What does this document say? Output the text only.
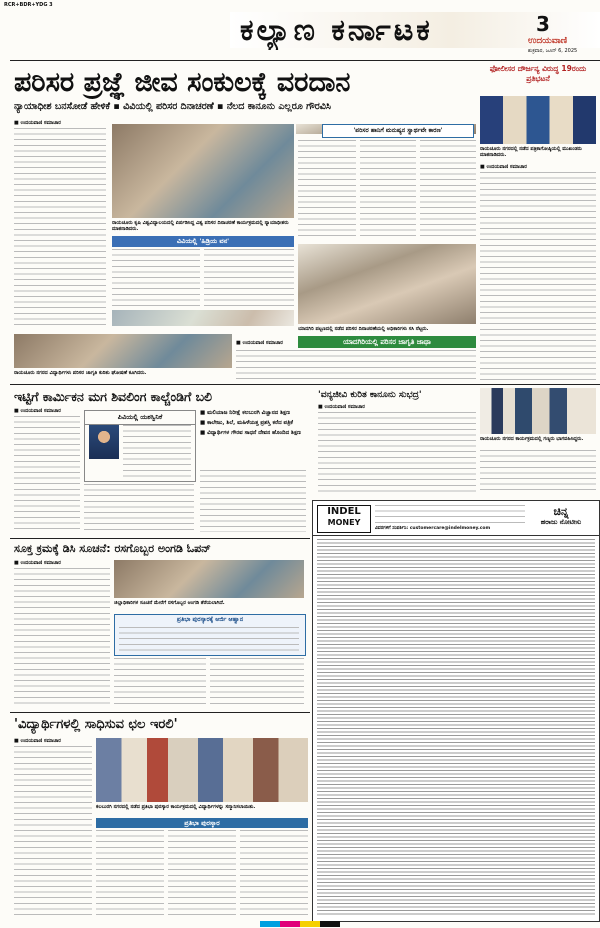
RCR+BDR+YDG 3
ಕಲ್ಯಾಣ ಕರ್ನಾಟಕ	3
ಉದಯವಾಣಿ
ಶುಕ್ರವಾರ, ಜೂನ್ 6, 2025
ಪರಿಸರ ಪ್ರಜ್ಞೆ ಜೀವ ಸಂಕುಲಕ್ಕೆ ವರದಾನ	ಫೋಲೀಸರ ದೌರ್ಜನ್ಯ ವಿರುದ್ಧ 19ರಂದು ಪ್ರತಿಭಟನೆ
ನ್ಯಾಯಾಧೀಶ ಬನಸೋಡೆ ಹೇಳಿಕೆ ▪ ವಿವಿಯಲ್ಲಿ ಪರಿಸರ ದಿನಾಚರಣೆ ▪ ನೆಲದ ಕಾನೂನು ಎಲ್ಲರೂ ಗೌರವಿಸಿ
■ ಉದಯವಾಣಿ ಸಮಾಚಾರ
'ಪರಿಸರ ಹಾನಿಗೆ ಮನುಷ್ಯನ ಸ್ವಾರ್ಥವೇ ಕಾರಣ'
ರಾಯಚೂರು ಕೃಷಿ ವಿಶ್ವವಿದ್ಯಾಲಯದಲ್ಲಿ ಏರ್ಪಡಿಸಿದ್ದ ವಿಶ್ವ ಪರಿಸರ ದಿನಾಚರಣೆ ಕಾರ್ಯಕ್ರಮದಲ್ಲಿ ನ್ಯಾಯಾಧೀಶರು ಮಾತನಾಡಿದರು.
ವಿವಿಯಲ್ಲಿ 'ಹಿಡ್ರಿಯ ವನ'
ಯಾದಗಿರಿ ಪಟ್ಟಣದಲ್ಲಿ ನಡೆದ ಪರಿಸರ ದಿನಾಚರಣೆಯಲ್ಲಿ ಅಧಿಕಾರಿಗಳು ಸಸಿ ನೆಟ್ಟರು.
ಯಾದಗಿರಿಯಲ್ಲಿ ಪರಿಸರ ಜಾಗೃತಿ ಜಾಥಾ
ರಾಯಚೂರು ನಗರದ ವಿದ್ಯಾರ್ಥಿಗಳು ಪರಿಸರ ಜಾಗೃತಿ ಕುರಿತು ಘೋಷಣೆ ಕೂಗಿದರು.
■ ಉದಯವಾಣಿ ಸಮಾಚಾರ
ರಾಯಚೂರು ನಗರದಲ್ಲಿ ನಡೆದ ಪತ್ರಿಕಾಗೋಷ್ಠಿಯಲ್ಲಿ ಮುಖಂಡರು ಮಾತನಾಡಿದರು.
■ ಉದಯವಾಣಿ ಸಮಾಚಾರ
ಇಟ್ಟಿಗೆ ಕಾರ್ಮಿಕನ ಮಗ ಶಿವಲಿಂಗ ಕಾಲ್ಚೆಂಡಿಗೆ ಬಲಿ
■ ಉದಯವಾಣಿ ಸಮಾಚಾರ
ಪಿವಿಯಲ್ಲಿ ಯಶಸ್ವಿನಿಕೆ	■ ಮಲಿಯಾಜ ನಿರೀಕ್ಷೆ ಕಲಬುರಗಿ ವಿಜ್ಞಾನದ ಶಿಕ್ಷಣ
■ ಕಾಲೇಜು, ಶಿಲೆ, ಮಹಿಳೆಯತ್ತ ಪ್ರಶಸ್ತಿ ಕರೆದ ಪತ್ರಿಕೆ
■ ವಿದ್ಯಾರ್ಥಿಗಳ ಗೌರವ ಸಾಧನೆ ದೇವನ ಹೊಂದಿದ ಶಿಕ್ಷಣ
'ವನ್ಯಜೀವಿ ಕುರಿತ ಕಾನೂನು ಸುಭದ್ರ'
■ ಉದಯವಾಣಿ ಸಮಾಚಾರ
ರಾಯಚೂರು ನಗರದ ಕಾರ್ಯಕ್ರಮದಲ್ಲಿ ಗಣ್ಯರು ಭಾಗವಹಿಸಿದ್ದರು.
ಸೂಕ್ತ ಕ್ರಮಕ್ಕೆ ಡಿಸಿ ಸೂಚನೆ: ರಸಗೊಬ್ಬರ ಅಂಗಡಿ ಓಪನ್
■ ಉದಯವಾಣಿ ಸಮಾಚಾರ
ಜಿಲ್ಲಾಧಿಕಾರಿಗಳ ಸೂಚನೆ ಮೇರೆಗೆ ರಸಗೊಬ್ಬರ ಅಂಗಡಿ ತೆರೆಯಲಾಗಿದೆ.
ಪ್ರತಿಭಾ ಪುರಸ್ಕಾರಕ್ಕೆ ಅರ್ಜಿ ಆಹ್ವಾನ
INDEL
MONEY
ವಿವರಗಳಿಗೆ ಸಂಪರ್ಕಿಸಿ: customercare@indelmoney.com
ಚಿನ್ನ
ಹರಾಜು ನೋಟೀಸು
'ವಿದ್ಯಾರ್ಥಿಗಳಲ್ಲಿ ಸಾಧಿಸುವ ಛಲ ಇರಲಿ'
■ ಉದಯವಾಣಿ ಸಮಾಚಾರ
ಕಲಬುರಗಿ ನಗರದಲ್ಲಿ ನಡೆದ ಪ್ರತಿಭಾ ಪುರಸ್ಕಾರ ಕಾರ್ಯಕ್ರಮದಲ್ಲಿ ವಿದ್ಯಾರ್ಥಿಗಳನ್ನು ಸನ್ಮಾನಿಸಲಾಯಿತು.
ಪ್ರತಿಭಾ ಪುರಸ್ಕಾರ
